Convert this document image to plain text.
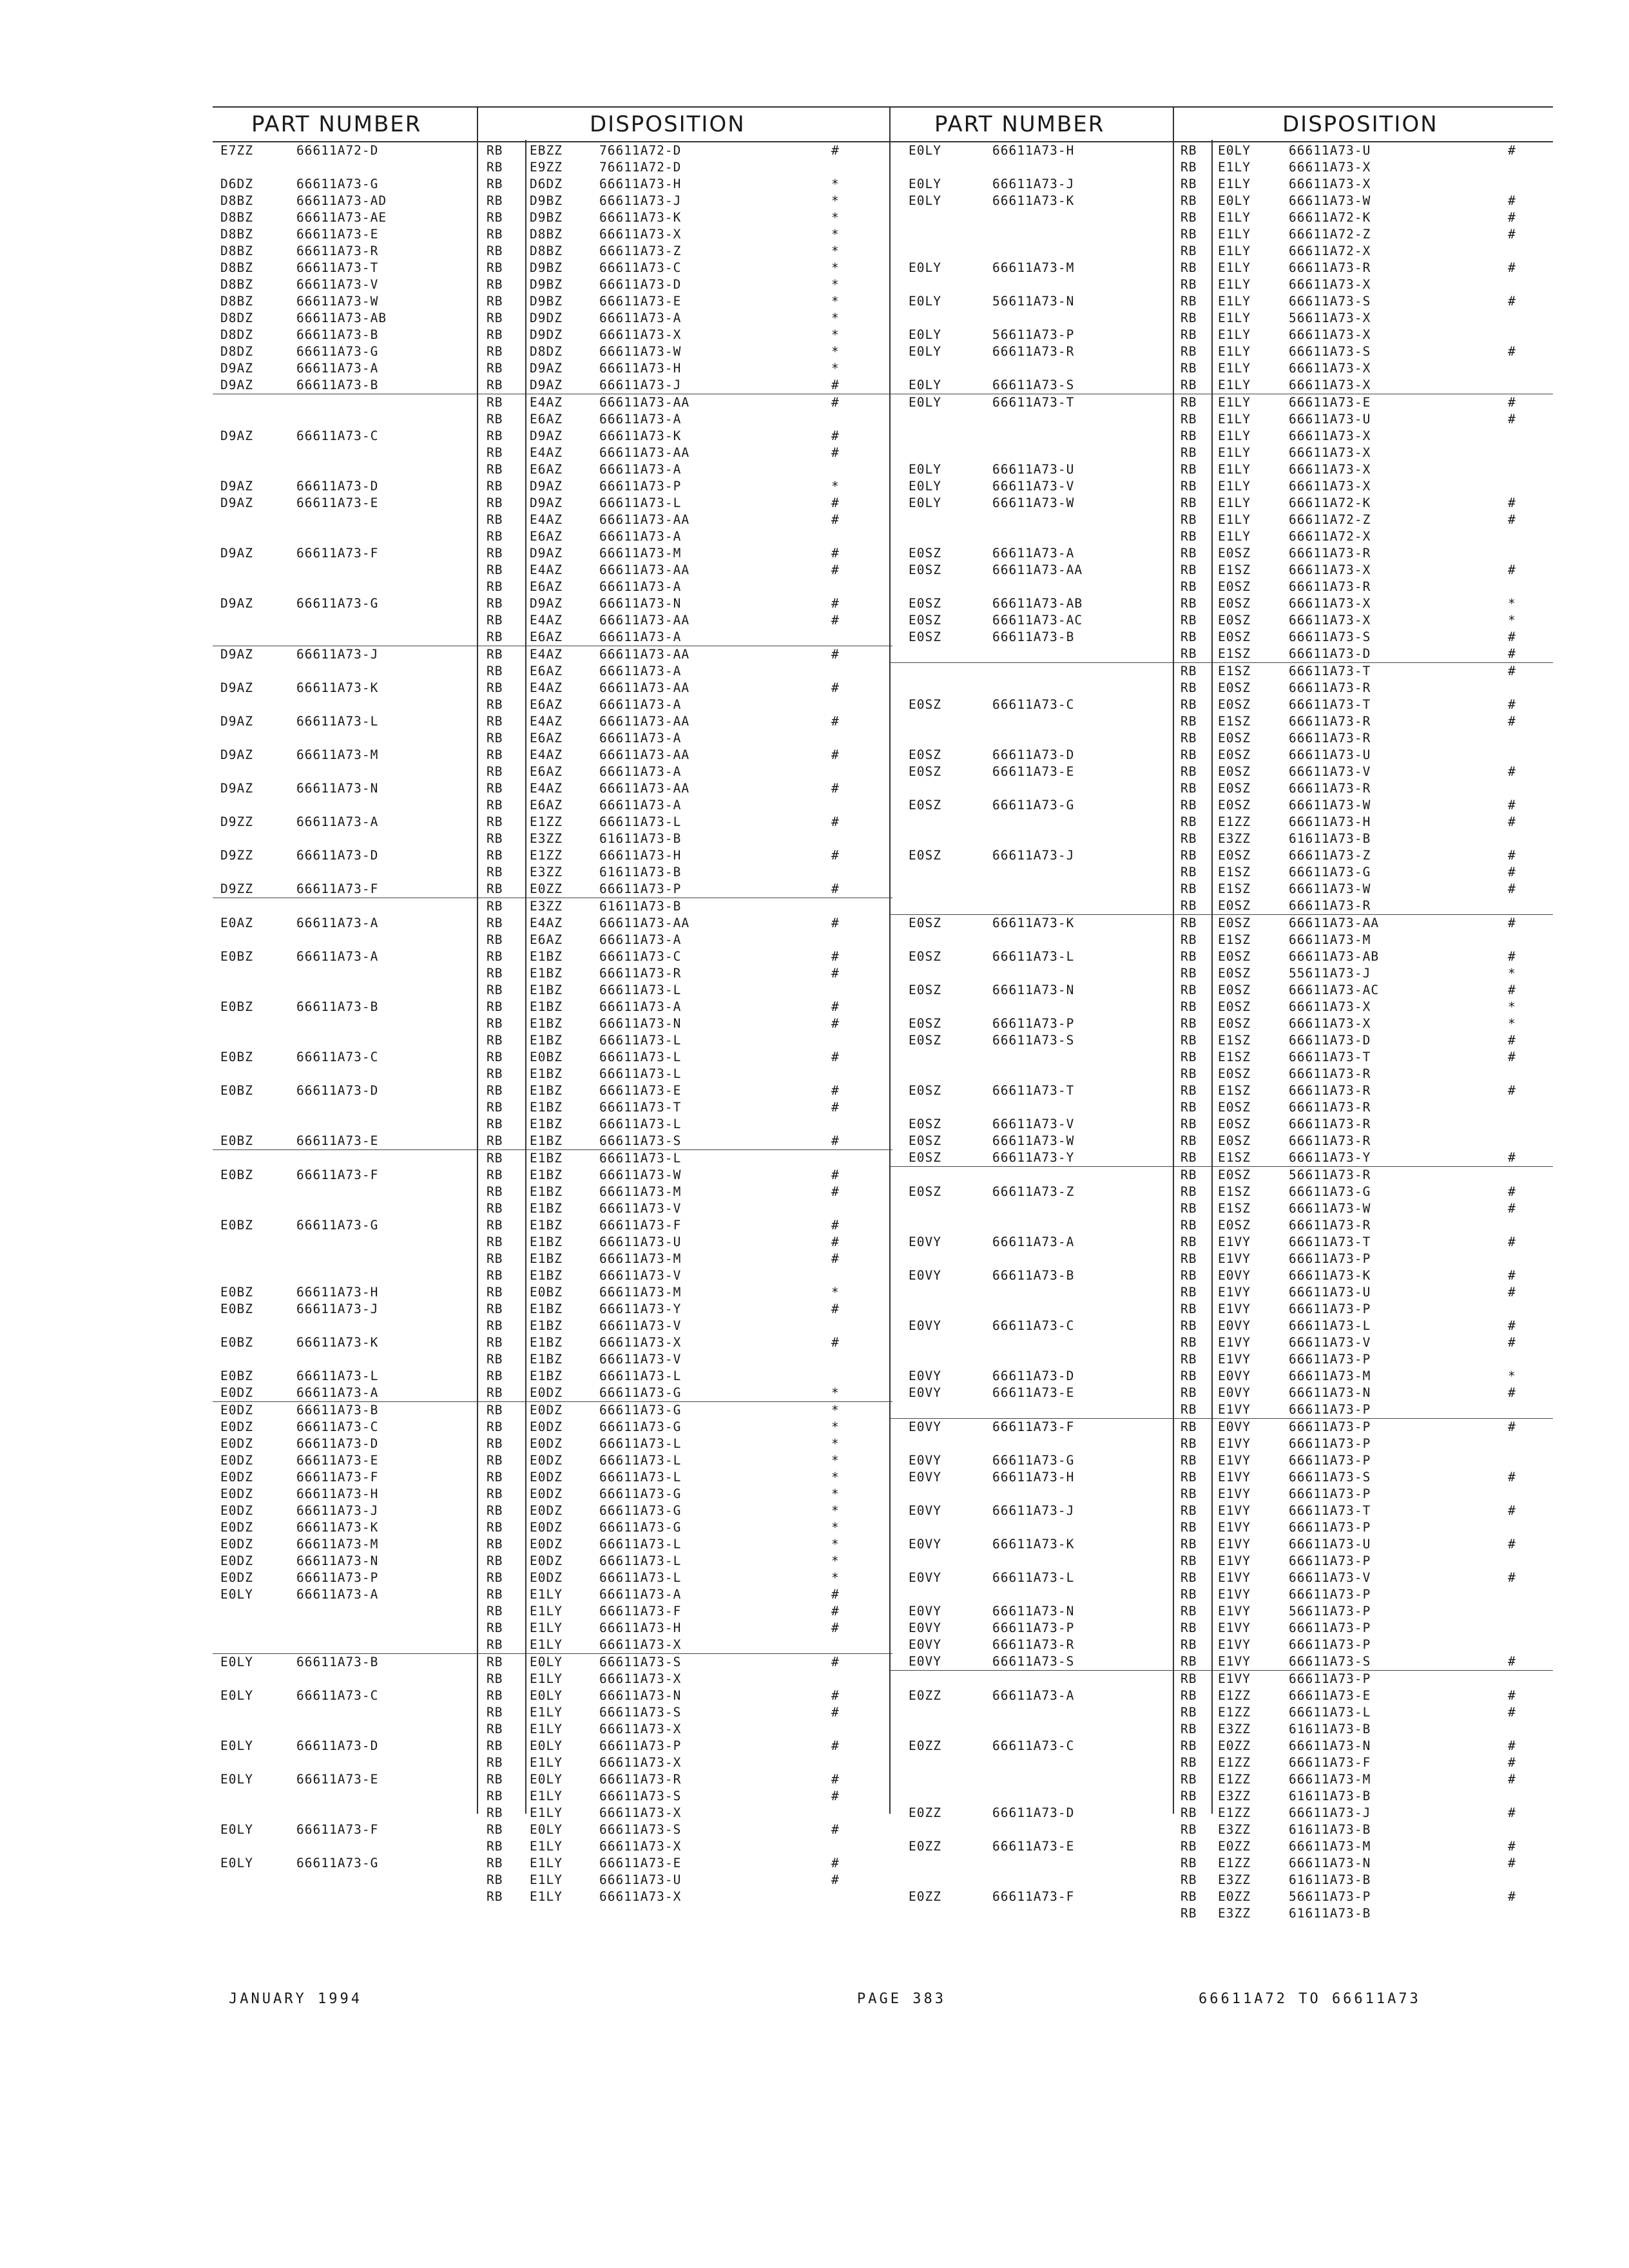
PART NUMBER	DISPOSITION
E7ZZ	66611A72-D	RB EBZZ	76611A72-D	#
RB E9ZZ	76611A72-D
D6DZ	66611A73-G	RB D6DZ	66611A73-H	*
D8BZ	66611A73-AD	RB D9BZ	66611A73-J	*
D8BZ	66611A73-AE	RB D9BZ	66611A73-K	*
D8BZ	66611A73-E	RB D8BZ	66611A73-X	*
D8BZ	66611A73-R	RB D8BZ	66611A73-Z	*
D8BZ	66611A73-T	RB D9BZ	66611A73-C	*
D8BZ	66611A73-V	RB D9BZ	66611A73-D	*
D8BZ	66611A73-W	RB D9BZ	66611A73-E	*
D8DZ	66611A73-AB	RB D9DZ	66611A73-A	*
D8DZ	66611A73-B	RB D9DZ	66611A73-X	*
D8DZ	66611A73-G	RB D8DZ	66611A73-W	*
D9AZ	66611A73-A	RB D9AZ	66611A73-H	*
D9AZ	66611A73-B	RB D9AZ	66611A73-J	#
RB E4AZ	66611A73-AA	#
RB E6AZ	66611A73-A
D9AZ	66611A73-C	RB D9AZ	66611A73-K	#
RB E4AZ	66611A73-AA	#
RB E6AZ	66611A73-A
D9AZ	66611A73-D	RB D9AZ	66611A73-P	*
D9AZ	66611A73-E	RB D9AZ	66611A73-L	#
RB E4AZ	66611A73-AA	#
RB E6AZ	66611A73-A
D9AZ	66611A73-F	RB D9AZ	66611A73-M	#
RB E4AZ	66611A73-AA	#
RB E6AZ	66611A73-A
D9AZ	66611A73-G	RB D9AZ	66611A73-N	#
RB E4AZ	66611A73-AA	#
RB E6AZ	66611A73-A
D9AZ	66611A73-J	RB E4AZ	66611A73-AA	#
RB E6AZ	66611A73-A
D9AZ	66611A73-K	RB E4AZ	66611A73-AA	#
RB E6AZ	66611A73-A
D9AZ	66611A73-L	RB E4AZ	66611A73-AA	#
RB E6AZ	66611A73-A
D9AZ	66611A73-M	RB E4AZ	66611A73-AA	#
RB E6AZ	66611A73-A
D9AZ	66611A73-N	RB E4AZ	66611A73-AA	#
RB E6AZ	66611A73-A
D9ZZ	66611A73-A	RB E1ZZ	66611A73-L	#
RB E3ZZ	61611A73-B
D9ZZ	66611A73-D	RB E1ZZ	66611A73-H	#
RB E3ZZ	61611A73-B
D9ZZ	66611A73-F	RB E0ZZ	66611A73-P	#
RB E3ZZ	61611A73-B
E0AZ	66611A73-A	RB E4AZ	66611A73-AA	#
RB E6AZ	66611A73-A
E0BZ	66611A73-A	RB E1BZ	66611A73-C	#
RB E1BZ	66611A73-R	#
RB E1BZ	66611A73-L
E0BZ	66611A73-B	RB E1BZ	66611A73-A	#
RB E1BZ	66611A73-N	#
RB E1BZ	66611A73-L
E0BZ	66611A73-C	RB E0BZ	66611A73-L	#
RB E1BZ	66611A73-L
E0BZ	66611A73-D	RB E1BZ	66611A73-E	#
RB E1BZ	66611A73-T	#
RB E1BZ	66611A73-L
E0BZ	66611A73-E	RB E1BZ	66611A73-S	#
RB E1BZ	66611A73-L
E0BZ	66611A73-F	RB E1BZ	66611A73-W	#
RB E1BZ	66611A73-M	#
RB E1BZ	66611A73-V
E0BZ	66611A73-G	RB E1BZ	66611A73-F	#
RB E1BZ	66611A73-U	#
RB E1BZ	66611A73-M	#
RB E1BZ	66611A73-V
E0BZ	66611A73-H	RB E0BZ	66611A73-M	*
E0BZ	66611A73-J	RB E1BZ	66611A73-Y	#
RB E1BZ	66611A73-V
E0BZ	66611A73-K	RB E1BZ	66611A73-X	#
RB E1BZ	66611A73-V
E0BZ	66611A73-L	RB E1BZ	66611A73-L
E0DZ	66611A73-A	RB E0DZ	66611A73-G	*
E0DZ	66611A73-B	RB E0DZ	66611A73-G	*
E0DZ	66611A73-C	RB E0DZ	66611A73-G	*
E0DZ	66611A73-D	RB E0DZ	66611A73-L	*
E0DZ	66611A73-E	RB E0DZ	66611A73-L	*
E0DZ	66611A73-F	RB E0DZ	66611A73-L	*
E0DZ	66611A73-H	RB E0DZ	66611A73-G	*
E0DZ	66611A73-J	RB E0DZ	66611A73-G	*
E0DZ	66611A73-K	RB E0DZ	66611A73-G	*
E0DZ	66611A73-M	RB E0DZ	66611A73-L	*
E0DZ	66611A73-N	RB E0DZ	66611A73-L	*
E0DZ	66611A73-P	RB E0DZ	66611A73-L	*
E0LY	66611A73-A	RB E1LY	66611A73-A	#
RB E1LY	66611A73-F	#
RB E1LY	66611A73-H	#
RB E1LY	66611A73-X
E0LY	66611A73-B	RB E0LY	66611A73-S	#
RB E1LY	66611A73-X
E0LY	66611A73-C	RB E0LY	66611A73-N	#
RB E1LY	66611A73-S	#
RB E1LY	66611A73-X
E0LY	66611A73-D	RB E0LY	66611A73-P	#
RB E1LY	66611A73-X
E0LY	66611A73-E	RB E0LY	66611A73-R	#
RB E1LY	66611A73-S	#
RB E1LY	66611A73-X
E0LY	66611A73-F	RB E0LY	66611A73-S	#
RB E1LY	66611A73-X
E0LY	66611A73-G	RB E1LY	66611A73-E	#
RB E1LY	66611A73-U	#
RB E1LY	66611A73-X
PART NUMBER	DISPOSITION
E0LY	66611A73-H	RB E0LY	66611A73-U	#
RB E1LY	66611A73-X
E0LY	66611A73-J	RB E1LY	66611A73-X
E0LY	66611A73-K	RB E0LY	66611A73-W	#
RB E1LY	66611A72-K	#
RB E1LY	66611A72-Z	#
RB E1LY	66611A72-X
E0LY	66611A73-M	RB E1LY	66611A73-R	#
RB E1LY	66611A73-X
E0LY	56611A73-N	RB E1LY	66611A73-S	#
RB E1LY	56611A73-X
E0LY	56611A73-P	RB E1LY	66611A73-X
E0LY	66611A73-R	RB E1LY	66611A73-S	#
RB E1LY	66611A73-X
E0LY	66611A73-S	RB E1LY	66611A73-X
E0LY	66611A73-T	RB E1LY	66611A73-E	#
RB E1LY	66611A73-U	#
RB E1LY	66611A73-X
RB E1LY	66611A73-X
E0LY	66611A73-U	RB E1LY	66611A73-X
E0LY	66611A73-V	RB E1LY	66611A73-X
E0LY	66611A73-W	RB E1LY	66611A72-K	#
RB E1LY	66611A72-Z	#
RB E1LY	66611A72-X
E0SZ	66611A73-A	RB E0SZ	66611A73-R
E0SZ	66611A73-AA	RB E1SZ	66611A73-X	#
RB E0SZ	66611A73-R
E0SZ	66611A73-AB	RB E0SZ	66611A73-X	*
E0SZ	66611A73-AC	RB E0SZ	66611A73-X	*
E0SZ	66611A73-B	RB E0SZ	66611A73-S	#
RB E1SZ	66611A73-D	#
RB E1SZ	66611A73-T	#
RB E0SZ	66611A73-R
E0SZ	66611A73-C	RB E0SZ	66611A73-T	#
RB E1SZ	66611A73-R	#
RB E0SZ	66611A73-R
E0SZ	66611A73-D	RB E0SZ	66611A73-U
E0SZ	66611A73-E	RB E0SZ	66611A73-V	#
RB E0SZ	66611A73-R
E0SZ	66611A73-G	RB E0SZ	66611A73-W	#
RB E1ZZ	66611A73-H	#
RB E3ZZ	61611A73-B
E0SZ	66611A73-J	RB E0SZ	66611A73-Z	#
RB E1SZ	66611A73-G	#
RB E1SZ	66611A73-W	#
RB E0SZ	66611A73-R
E0SZ	66611A73-K	RB E0SZ	66611A73-AA	#
RB E1SZ	66611A73-M
E0SZ	66611A73-L	RB E0SZ	66611A73-AB	#
RB E0SZ	55611A73-J	*
E0SZ	66611A73-N	RB E0SZ	66611A73-AC	#
RB E0SZ	66611A73-X	*
E0SZ	66611A73-P	RB E0SZ	66611A73-X	*
E0SZ	66611A73-S	RB E1SZ	66611A73-D	#
RB E1SZ	66611A73-T	#
RB E0SZ	66611A73-R
E0SZ	66611A73-T	RB E1SZ	66611A73-R	#
RB E0SZ	66611A73-R
E0SZ	66611A73-V	RB E0SZ	66611A73-R
E0SZ	66611A73-W	RB E0SZ	66611A73-R
E0SZ	66611A73-Y	RB E1SZ	66611A73-Y	#
RB E0SZ	56611A73-R
E0SZ	66611A73-Z	RB E1SZ	66611A73-G	#
RB E1SZ	66611A73-W	#
RB E0SZ	66611A73-R
E0VY	66611A73-A	RB E1VY	66611A73-T	#
RB E1VY	66611A73-P
E0VY	66611A73-B	RB E0VY	66611A73-K	#
RB E1VY	66611A73-U	#
RB E1VY	66611A73-P
E0VY	66611A73-C	RB E0VY	66611A73-L	#
RB E1VY	66611A73-V	#
RB E1VY	66611A73-P
E0VY	66611A73-D	RB E0VY	66611A73-M	*
E0VY	66611A73-E	RB E0VY	66611A73-N	#
RB E1VY	66611A73-P
E0VY	66611A73-F	RB E0VY	66611A73-P	#
RB E1VY	66611A73-P
E0VY	66611A73-G	RB E1VY	66611A73-P
E0VY	66611A73-H	RB E1VY	66611A73-S	#
RB E1VY	66611A73-P
E0VY	66611A73-J	RB E1VY	66611A73-T	#
RB E1VY	66611A73-P
E0VY	66611A73-K	RB E1VY	66611A73-U	#
RB E1VY	66611A73-P
E0VY	66611A73-L	RB E1VY	66611A73-V	#
RB E1VY	66611A73-P
E0VY	66611A73-N	RB E1VY	56611A73-P
E0VY	66611A73-P	RB E1VY	66611A73-P
E0VY	66611A73-R	RB E1VY	66611A73-P
E0VY	66611A73-S	RB E1VY	66611A73-S	#
RB E1VY	66611A73-P
E0ZZ	66611A73-A	RB E1ZZ	66611A73-E	#
RB E1ZZ	66611A73-L	#
RB E3ZZ	61611A73-B
E0ZZ	66611A73-C	RB E0ZZ	66611A73-N	#
RB E1ZZ	66611A73-F	#
RB E1ZZ	66611A73-M	#
RB E3ZZ	61611A73-B
E0ZZ	66611A73-D	RB E1ZZ	66611A73-J	#
RB E3ZZ	61611A73-B
E0ZZ	66611A73-E	RB E0ZZ	66611A73-M	#
RB E1ZZ	66611A73-N	#
RB E3ZZ	61611A73-B
E0ZZ	66611A73-F	RB E0ZZ	56611A73-P	#
RB E3ZZ	61611A73-B
JANUARY 1994	PAGE 383	66611A72 TO 66611A73
